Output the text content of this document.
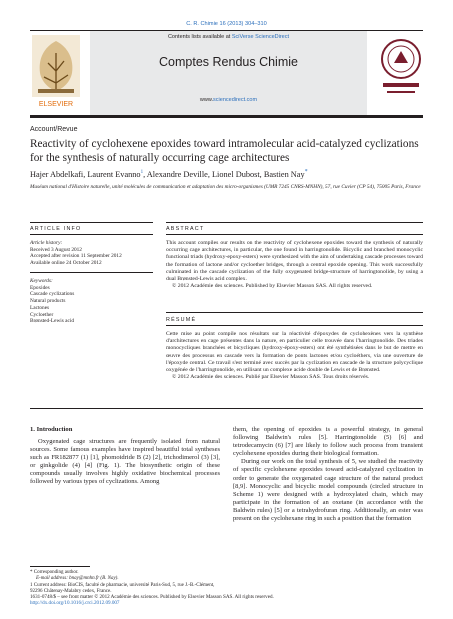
C. R. Chimie 16 (2013) 304–310
ELSEVIER
Contents lists available at SciVerse ScienceDirect
Comptes Rendus Chimie
www.sciencedirect.com
Account/Revue
Reactivity of cyclohexene epoxides toward intramolecular acid-catalyzed cyclizations for the synthesis of naturally occurring cage architectures
Hajer Abdelkafi, Laurent Evanno$^1$, Alexandre Deville, Lionel Dubost, Bastien Nay*
Muséum national d'Histoire naturelle, unité molécules de communication et adaptation des micro-organismes (UMR 7245 CNRS-MNHN), 57, rue Cuvier (CP 54), 75005 Paris, France
ARTICLE INFO	ABSTRACT
Article history:
Received 3 August 2012
Accepted after revision 11 September 2012
Available online 24 October 2012
Keywords:
Epoxides
Cascade cyclizations
Natural products
Lactones
Cycloether
Brønsted-Lewis acid
This account compiles our results on the reactivity of cyclohexene epoxides toward the synthesis of naturally occurring cage architectures, in particular, the one found in harringtonolide. Bicyclic and branched monocyclic functional triads (hydroxy-epoxy-esters) were synthesized with the aim of undertaking cascade processes toward the formation of lactone and/or cycloether bridges, through a central epoxide opening. This work successfully culminated in the cascade cyclization of the fully oxygenated bridge-structure of harringtonolide, by using a dual Brønsted-Lewis acid complex.
© 2012 Académie des sciences. Published by Elsevier Masson SAS. All rights reserved.
RÉSUMÉ
Cette mise au point compile nos résultats sur la réactivité d'époxydes de cyclohexènes vers la synthèse d'architectures en cage présentes dans la nature, en particulier celle trouvée dans l'harringtonolide. Des triades monocycliques branchées et bicycliques (hydroxy-époxy-esters) ont été synthétisées dans le but de mettre en œuvre des processus en cascade vers la formation de ponts lactones et/ou cycloéthers, via une ouverture de l'époxyde central. Ce travail s'est terminé avec succès par la cyclization en cascade de la structure polycyclique oxygénée de l'harringtonolide, en utilisant un complexe acide double de Lewis et de Brønsted.
© 2012 Académie des sciences. Publié par Elsevier Masson SAS. Tous droits réservés.
1. Introduction
Oxygenated cage structures are frequently isolated from natural sources. Some famous examples have inspired beautiful total syntheses such as FR182877 (1) [1], phomoidride B (2) [2], trichodimerol (3) [3], or ginkgolide (4) [4] (Fig. 1). The biosynthetic origin of these compounds usually involves highly oxidative biochemical processes followed by various types of cyclizations. Among
them, the opening of epoxides is a powerful strategy, in general following Baldwin's rules [5]. Harringtonolide (5) [6] and tetrodecamycin (6) [7] are likely to follow such process from transient cyclohexene epoxides during their biological formation.
During our work on the total synthesis of 5, we studied the reactivity of specific cyclohexene epoxides toward acid-catalyzed cyclization in order to generate the oxygenated cage structure of the natural product [8,9]. Monocyclic and bicyclic model compounds (circled structure in Scheme 1) were designed with a hydroxylated chain, which may participate in the formation of an oxetane (in accordance with the Baldwin rules) [5] or a tetrahydrofuran ring. Additionally, an ester was present on the cyclohexane ring in such a position that the formation
* Corresponding author.
E-mail address: bnay@mnhn.fr (B. Nay).
1 Current address: BioCIS, faculté de pharmacie, université Paris-Sud, 5, rue J.-B.-Clément, 92296 Châtenay-Malabry cedex, France.
1631-0748/$ – see front matter © 2012 Académie des sciences. Published by Elsevier Masson SAS. All rights reserved.
http://dx.doi.org/10.1016/j.crci.2012.09.007
